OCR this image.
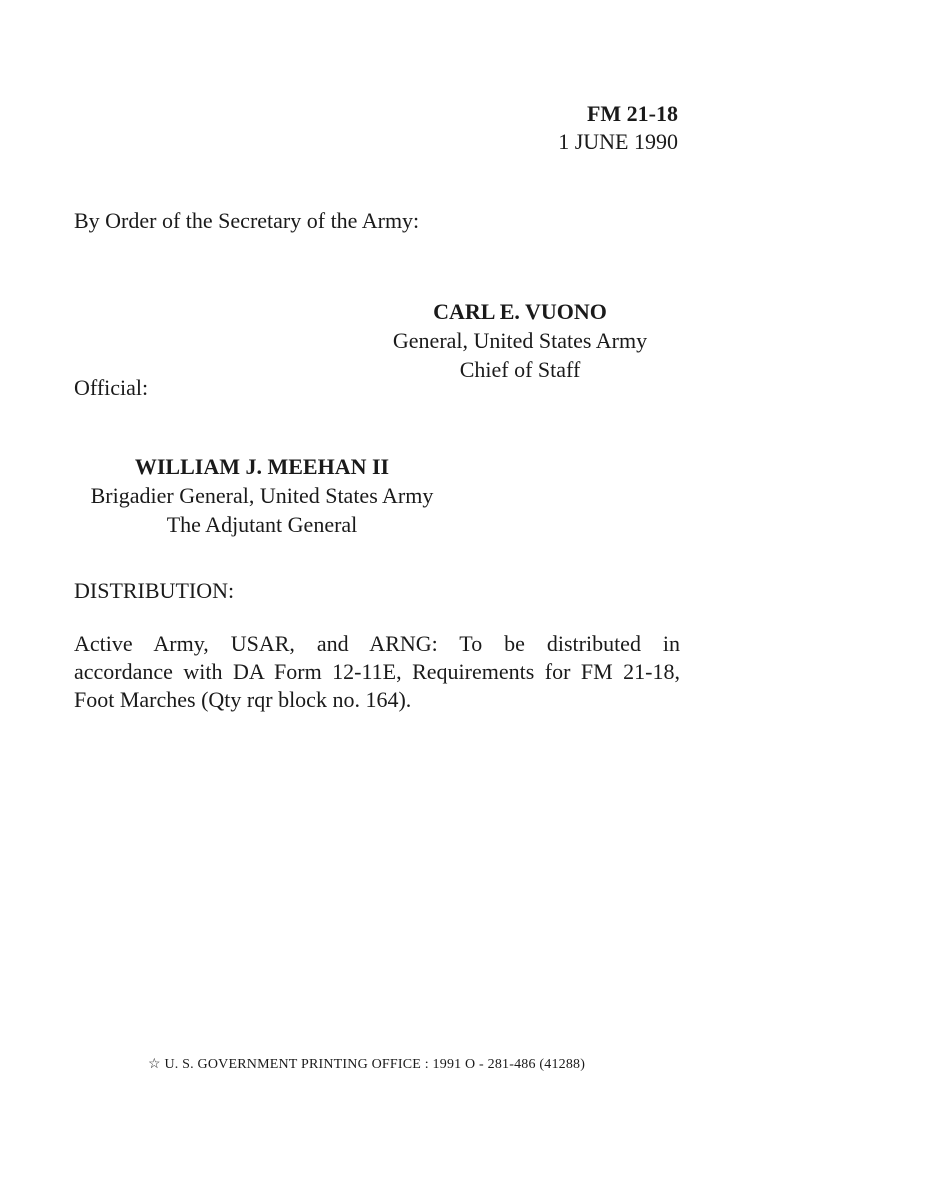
FM 21-18
1 JUNE 1990
By Order of the Secretary of the Army:
CARL E. VUONO
General, United States Army
Chief of Staff
Official:
WILLIAM J. MEEHAN II
Brigadier General, United States Army
The Adjutant General
DISTRIBUTION:
Active Army, USAR, and ARNG: To be distributed in
accordance with DA Form 12-11E, Requirements for FM 21-18,
Foot Marches (Qty rqr block no. 164).
☆ U. S. GOVERNMENT PRINTING OFFICE : 1991 O - 281-486 (41288)
